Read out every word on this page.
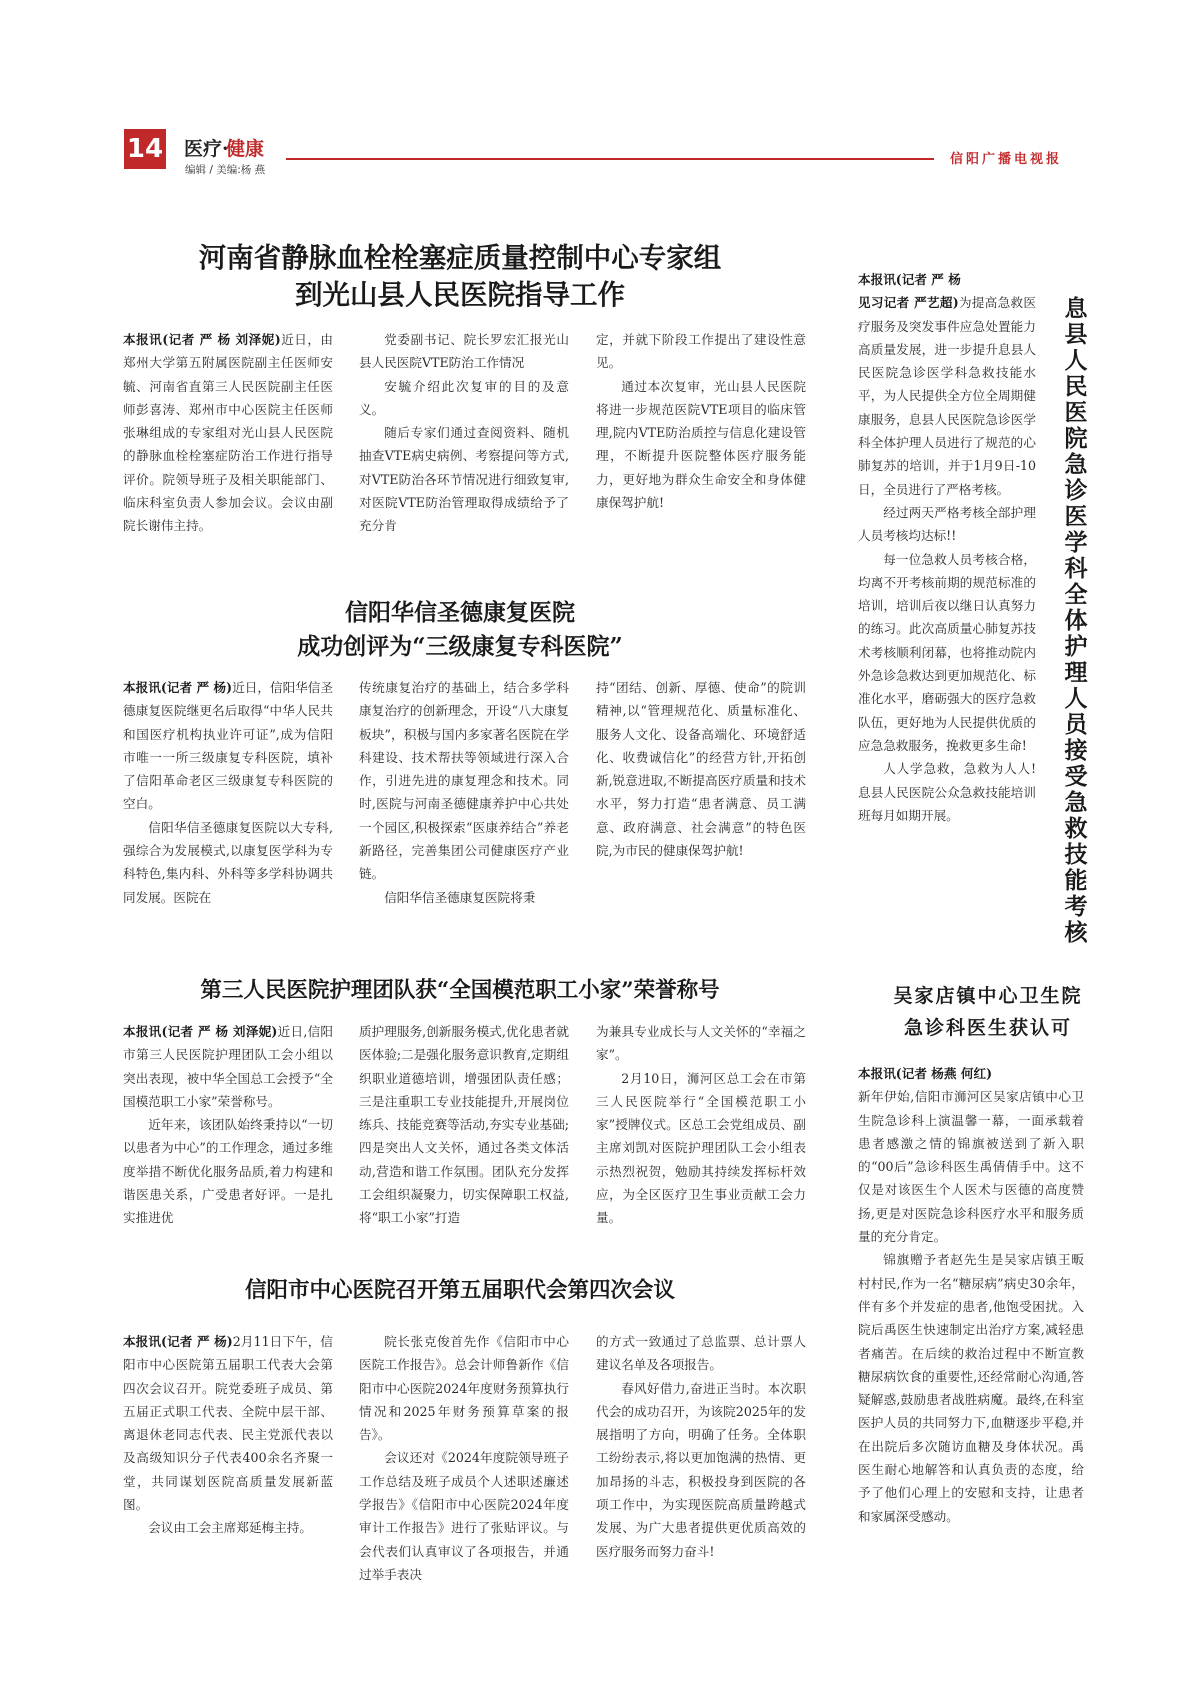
14 医疗·
健康
编辑 / 美编:杨 燕
信阳广播电视报
河南省静脉血栓栓塞症质量控制中心专家组
到光山县人民医院指导工作

本报讯(记者 严 杨 刘泽妮)近日，由郑州大学第五附属医院副主任医师安毓、河南省直第三人民医院副主任医师彭喜涛、郑州市中心医院主任医师张琳组成的专家组对光山县人民医院的静脉血栓栓塞症防治工作进行指导评价。院领导班子及相关职能部门、临床科室负责人参加会议。会议由副院长谢伟主持。

党委副书记、院长罗宏汇报光山县人民医院VTE防治工作情况

安毓介绍此次复审的目的及意义。

随后专家们通过查阅资料、随机抽查VTE病史病例、考察提问等方式,对VTE防治各环节情况进行细致复审,对医院VTE防治管理取得成绩给予了充分肯

定，并就下阶段工作提出了建设性意见。

通过本次复审，光山县人民医院将进一步规范医院VTE项目的临床管理,院内VTE防治质控与信息化建设管理，不断提升医院整体医疗服务能力，更好地为群众生命安全和身体健康保驾护航!

信阳华信圣德康复医院
成功创评为“三级康复专科医院”

本报讯(记者 严 杨)近日，信阳华信圣德康复医院继更名后取得“中华人民共和国医疗机构执业许可证”,成为信阳市唯一一所三级康复专科医院，填补了信阳革命老区三级康复专科医院的空白。

信阳华信圣德康复医院以大专科,强综合为发展模式,以康复医学科为专科特色,集内科、外科等多学科协调共同发展。医院在

传统康复治疗的基础上，结合多学科康复治疗的创新理念，开设“八大康复板块”，积极与国内多家著名医院在学科建设、技术帮扶等领域进行深入合作，引进先进的康复理念和技术。同时,医院与河南圣德健康养护中心共处一个园区,积极探索“医康养结合”养老新路径，完善集团公司健康医疗产业链。

信阳华信圣德康复医院将秉

持“团结、创新、厚德、使命”的院训精神,以“管理规范化、质量标准化、服务人文化、设备高端化、环境舒适化、收费诚信化”的经营方针,开拓创新,锐意进取,不断提高医疗质量和技术水平，努力打造“患者满意、员工满意、政府满意、社会满意”的特色医院,为市民的健康保驾护航!

第三人民医院护理团队获“全国模范职工小家”荣誉称号

本报讯(记者 严 杨 刘泽妮)近日,信阳市第三人民医院护理团队工会小组以突出表现，被中华全国总工会授予“全国模范职工小家”荣誉称号。

近年来，该团队始终秉持以“一切以患者为中心”的工作理念，通过多维度举措不断优化服务品质,着力构建和谐医患关系，广受患者好评。一是扎实推进优

质护理服务,创新服务模式,优化患者就医体验;二是强化服务意识教育,定期组织职业道德培训，增强团队责任感；三是注重职工专业技能提升,开展岗位练兵、技能竞赛等活动,夯实专业基础;四是突出人文关怀，通过各类文体活动,营造和谐工作氛围。团队充分发挥工会组织凝聚力，切实保障职工权益,将“职工小家”打造

为兼具专业成长与人文关怀的“幸福之家”。

2月10日，浉河区总工会在市第三人民医院举行“全国模范职工小家”授牌仪式。区总工会党组成员、副主席刘凯对医院护理团队工会小组表示热烈祝贺，勉励其持续发挥标杆效应，为全区医疗卫生事业贡献工会力量。

信阳市中心医院召开第五届职代会第四次会议

本报讯(记者 严 杨)2月11日下午，信阳市中心医院第五届职工代表大会第四次会议召开。院党委班子成员、第五届正式职工代表、全院中层干部、离退休老同志代表、民主党派代表以及高级知识分子代表400余名齐聚一堂，共同谋划医院高质量发展新蓝图。

会议由工会主席郑延梅主持。

院长张克俊首先作《信阳市中心医院工作报告》。总会计师鲁新作《信阳市中心医院2024年度财务预算执行情况和2025年财务预算草案的报告》。

会议还对《2024年度院领导班子工作总结及班子成员个人述职述廉述学报告》《信阳市中心医院2024年度审计工作报告》进行了张贴评议。与会代表们认真审议了各项报告，并通过举手表决

的方式一致通过了总监票、总计票人建议名单及各项报告。

春风好借力,奋进正当时。本次职代会的成功召开，为该院2025年的发展指明了方向，明确了任务。全体职工纷纷表示,将以更加饱满的热情、更加昂扬的斗志，积极投身到医院的各项工作中，为实现医院高质量跨越式发展、为广大患者提供更优质高效的医疗服务而努力奋斗!

息县人民医院急诊医学科全体护理人员接受急救技能考核

本报讯(记者 严 杨

见习记者 严艺超)为提高急救医疗服务及突发事件应急处置能力高质量发展，进一步提升息县人民医院急诊医学科急救技能水平，为人民提供全方位全周期健康服务，息县人民医院急诊医学科全体护理人员进行了规范的心肺复苏的培训，并于1月9日-10日，全员进行了严格考核。

经过两天严格考核全部护理人员考核均达标!!

每一位急救人员考核合格，均离不开考核前期的规范标准的培训，培训后夜以继日认真努力的练习。此次高质量心肺复苏技术考核顺利闭幕，也将推动院内外急诊急救达到更加规范化、标准化水平，磨砺强大的医疗急救队伍，更好地为人民提供优质的应急急救服务，挽救更多生命!

人人学急救，急救为人人!息县人民医院公众急救技能培训班每月如期开展。

吴家店镇中心卫生院
急诊科医生获认可

本报讯(记者 杨燕 何红)

新年伊始,信阳市浉河区吴家店镇中心卫生院急诊科上演温馨一幕，一面承载着患者感激之情的锦旗被送到了新入职的“00后”急诊科医生禹倩倩手中。这不仅是对该医生个人医术与医德的高度赞扬,更是对医院急诊科医疗水平和服务质量的充分肯定。

锦旗赠予者赵先生是吴家店镇王畈村村民,作为一名“糖尿病”病史30余年，伴有多个并发症的患者,他饱受困扰。入院后禹医生快速制定出治疗方案,减轻患者痛苦。在后续的救治过程中不断宣教糖尿病饮食的重要性,还经常耐心沟通,答疑解惑,鼓励患者战胜病魔。最终,在科室医护人员的共同努力下,血糖逐步平稳,并在出院后多次随访血糖及身体状况。禹医生耐心地解答和认真负责的态度，给予了他们心理上的安慰和支持，让患者和家属深受感动。
